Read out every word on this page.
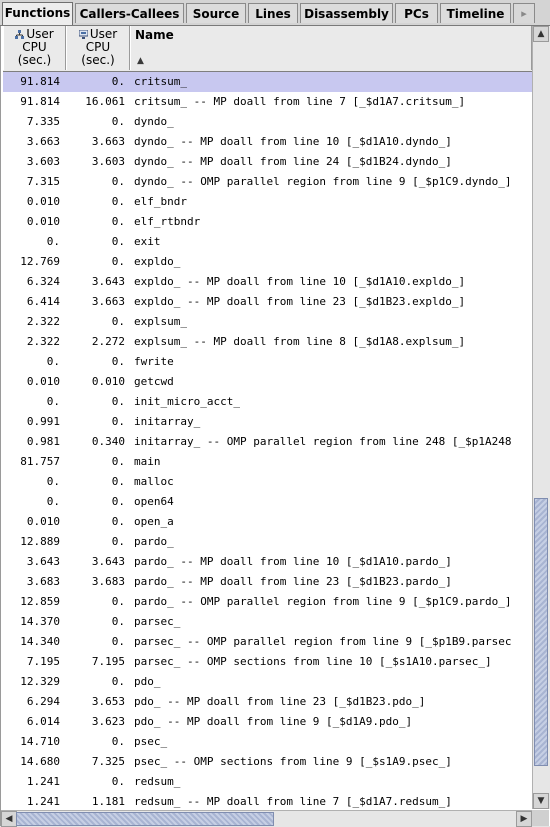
Functions Callers-Callees	Source	Lines	Disassembly	PCs	Timeline	▸
User
CPU
(sec.)
User
CPU
(sec.)
Name
▲
91.814	0. critsum_
91.814	16.061 critsum_ -- MP doall from line 7 [_$d1A7.critsum_]
7.335	0. dyndo_
3.663	3.663 dyndo_ -- MP doall from line 10 [_$d1A10.dyndo_]
3.603	3.603 dyndo_ -- MP doall from line 24 [_$d1B24.dyndo_]
7.315	0. dyndo_ -- OMP parallel region from line 9 [_$p1C9.dyndo_]
0.010	0. elf_bndr
0.010	0. elf_rtbndr
0.	0. exit
12.769	0. expldo_
6.324	3.643 expldo_ -- MP doall from line 10 [_$d1A10.expldo_]
6.414	3.663 expldo_ -- MP doall from line 23 [_$d1B23.expldo_]
2.322	0. explsum_
2.322	2.272 explsum_ -- MP doall from line 8 [_$d1A8.explsum_]
0.	0. fwrite
0.010	0.010 getcwd
0.	0. init_micro_acct_
0.991	0. initarray_
0.981	0.340 initarray_ -- OMP parallel region from line 248 [_$p1A248
81.757	0. main
0.	0. malloc
0.	0. open64
0.010	0. open_a
12.889	0. pardo_
3.643	3.643 pardo_ -- MP doall from line 10 [_$d1A10.pardo_]
3.683	3.683 pardo_ -- MP doall from line 23 [_$d1B23.pardo_]
12.859	0. pardo_ -- OMP parallel region from line 9 [_$p1C9.pardo_]
14.370	0. parsec_
14.340	0. parsec_ -- OMP parallel region from line 9 [_$p1B9.parsec
7.195	7.195 parsec_ -- OMP sections from line 10 [_$s1A10.parsec_]
12.329	0. pdo_
6.294	3.653 pdo_ -- MP doall from line 23 [_$d1B23.pdo_]
6.014	3.623 pdo_ -- MP doall from line 9 [_$d1A9.pdo_]
14.710	0. psec_
14.680	7.325 psec_ -- OMP sections from line 9 [_$s1A9.psec_]
1.241	0. redsum_
1.241	1.181 redsum_ -- MP doall from line 7 [_$d1A7.redsum_]
▲
▼
◀	▶
